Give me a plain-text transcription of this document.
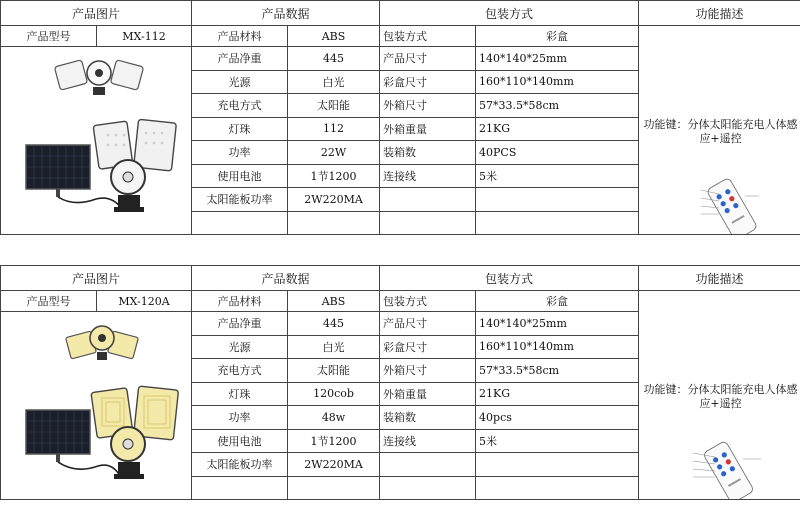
产品图片		产品数据		包装方式		功能描述
产品型号	MX-112	产品材料	ABS	包装方式	彩盒	功能键：分体太阳能充电人体感应+遥控

	产品净重	445	产品尺寸	140*140*25mm	
		光源	白光	彩盒尺寸	160*110*140mm	
		充电方式	太阳能	外箱尺寸	57*33.5*58cm	
		灯珠	112	外箱重量	21KG	
		功率	22W	装箱数	40PCS	
		使用电池	1节1200	连接线	5米	
		太阳能板功率	2W220MA			

产品图片		产品数据		包装方式		功能描述
产品型号	MX-120A	产品材料	ABS	包装方式	彩盒	功能键：分体太阳能充电人体感应+遥控

	产品净重	445	产品尺寸	140*140*25mm	
		光源	白光	彩盒尺寸	160*110*140mm	
		充电方式	太阳能	外箱尺寸	57*33.5*58cm	
		灯珠	120cob	外箱重量	21KG	
		功率	48w	装箱数	40pcs	
		使用电池	1节1200	连接线	5米	
		太阳能板功率	2W220MA			
